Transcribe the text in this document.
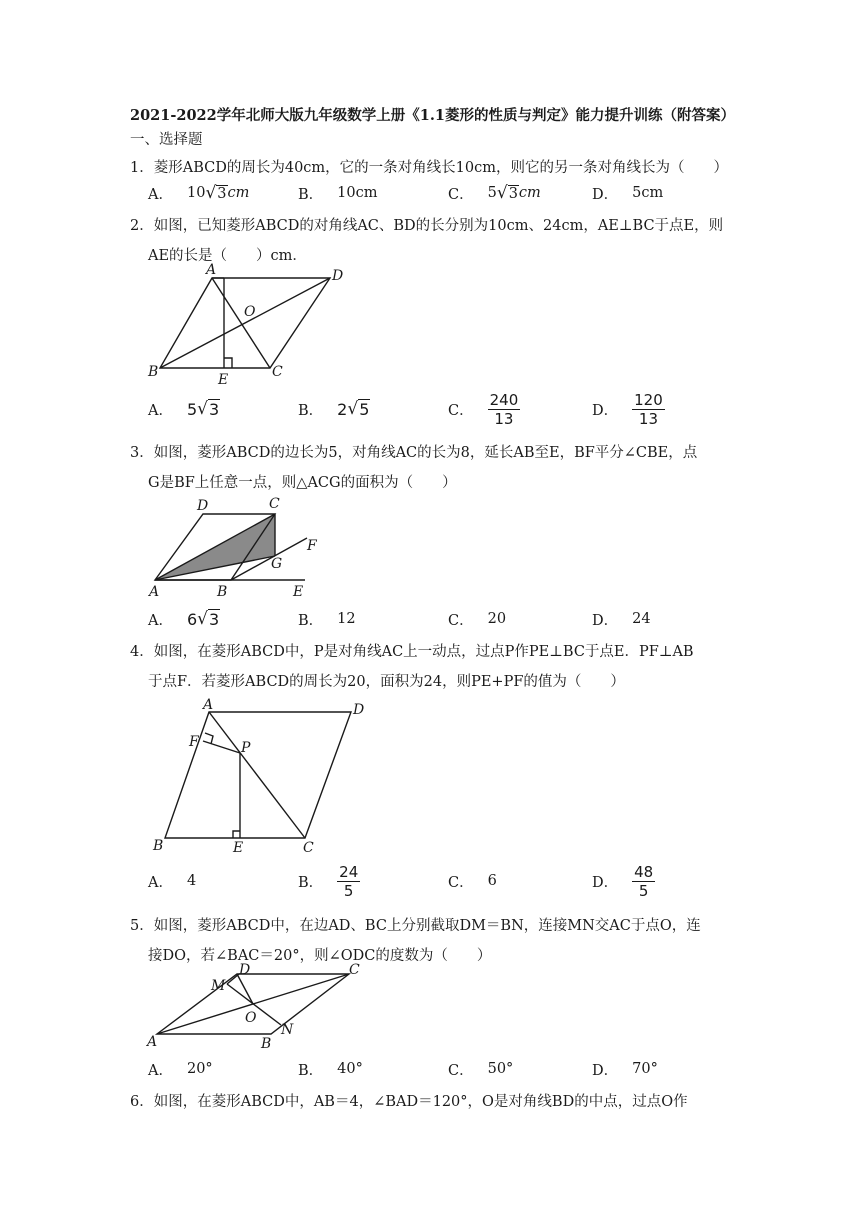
2021-2022学年北师大版九年级数学上册《1.1菱形的性质与判定》能力提升训练（附答案）
一、选择题
1．菱形ABCD的周长为40cm，它的一条对角线长10cm，则它的另一条对角线长为（　　）
A． 10 √ 3 cm	B． 10cm	C． 5 √ 3 cm	D． 5cm
2．如图，已知菱形ABCD的对角线AC、BD的长分别为10cm、24cm，AE⊥BC于点E，则
AE的长是（　　）cm．
A	D
O
B	E	C
A． 5 √ 3	B． 2 √ 5	C． $\frac{240}{13}$	D． $\frac{120}{13}$
3．如图，菱形ABCD的边长为5，对角线AC的长为8，延长AB至E，BF平分∠CBE，点
G是BF上任意一点，则△ACG的面积为（　　）
D	C
F
G
A	B	E
A． 6 √ 3	B． 12	C． 20	D． 24
4．如图，在菱形ABCD中，P是对角线AC上一动点，过点P作PE⊥BC于点E．PF⊥AB
于点F．若菱形ABCD的周长为20，面积为24，则PE+PF的值为（　　）
A	D
F	P
B	E	C
A． 4	B． $\frac{24}{5}$	C． 6	D． $\frac{48}{5}$
5．如图，菱形ABCD中，在边AD、BC上分别截取DM＝BN，连接MN交AC于点O，连
接DO，若∠BAC＝20°，则∠ODC的度数为（　　）
D	C
M
O
N
A	B
A． 20°	B． 40°	C． 50°	D． 70°
6．如图，在菱形ABCD中，AB＝4，∠BAD＝120°，O是对角线BD的中点，过点O作
